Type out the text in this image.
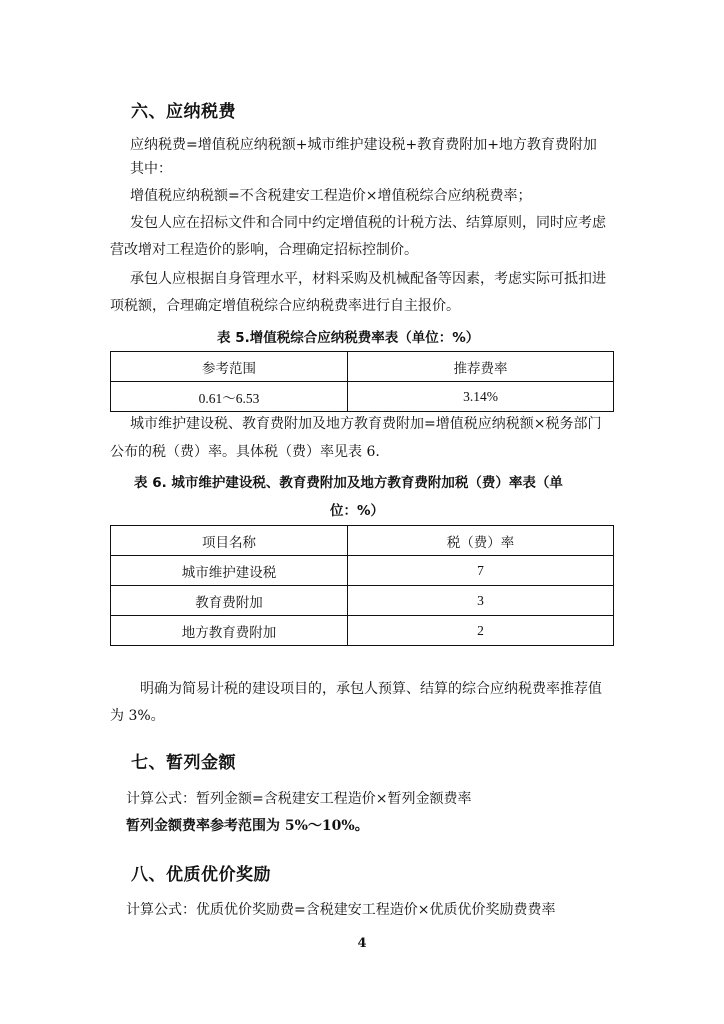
六、应纳税费
应纳税费=增值税应纳税额+城市维护建设税+教育费附加+地方教育费附加
其中：
增值税应纳税额=不含税建安工程造价×增值税综合应纳税费率；
发包人应在招标文件和合同中约定增值税的计税方法、结算原则，同时应考虑
营改增对工程造价的影响，合理确定招标控制价。
承包人应根据自身管理水平，材料采购及机械配备等因素，考虑实际可抵扣进
项税额，合理确定增值税综合应纳税费率进行自主报价。
表 5.增值税综合应纳税费率表（单位：%）
参考范围	推荐费率
0.61～6.53	3.14%
城市维护建设税、教育费附加及地方教育费附加=增值税应纳税额×税务部门
公布的税（费）率。具体税（费）率见表 6.
表 6. 城市维护建设税、教育费附加及地方教育费附加税（费）率表（单
位：%）
项目名称	税（费）率
城市维护建设税	7
教育费附加	3
地方教育费附加	2
明确为简易计税的建设项目的，承包人预算、结算的综合应纳税费率推荐值
为 3%。
七、暂列金额
计算公式：暂列金额=含税建安工程造价×暂列金额费率
暂列金额费率参考范围为 5%～10%。
八、优质优价奖励
计算公式：优质优价奖励费=含税建安工程造价×优质优价奖励费费率
4
